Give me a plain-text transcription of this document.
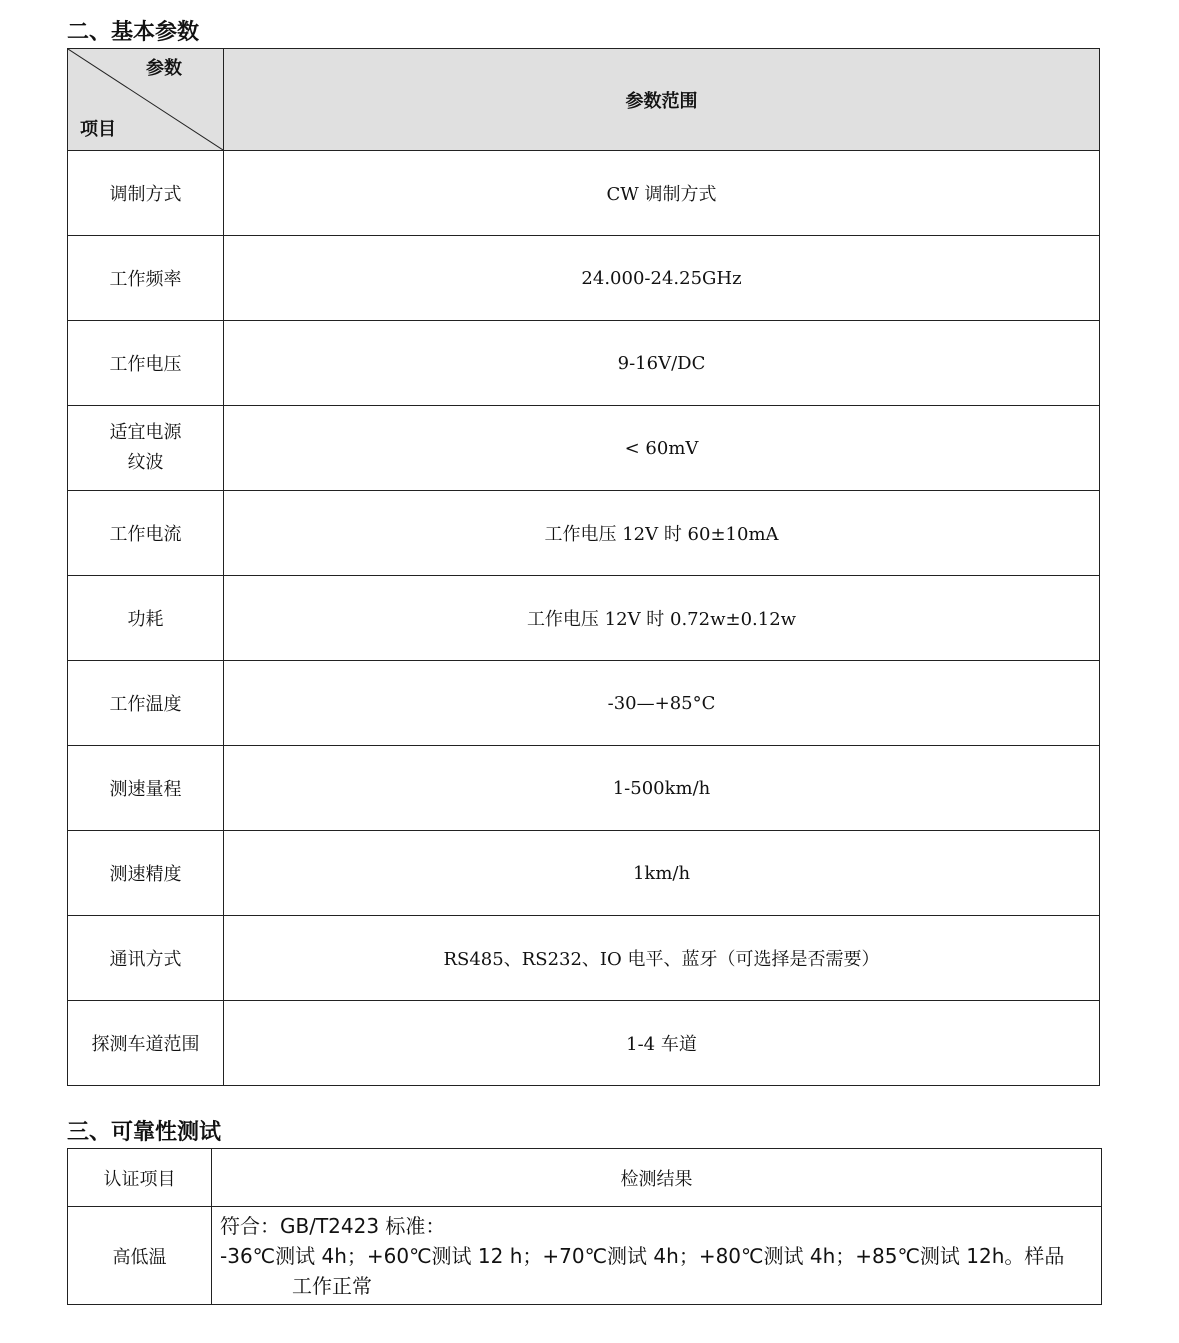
二、基本参数
参数
项目	参数范围
调制方式	CW 调制方式
工作频率	24.000-24.25GHz
工作电压	9-16V/DC
适宜电源
纹波	< 60mV
工作电流	工作电压 12V 时 60±10mA
功耗	工作电压 12V 时 0.72w±0.12w
工作温度	-30—+85°C
测速量程	1-500km/h
测速精度	1km/h
通讯方式	RS485、RS232、IO 电平、蓝牙（可选择是否需要）
探测车道范围	1-4 车道
三、可靠性测试
认证项目	检测结果
高低温	符合：GB/T2423 标准：
-36℃测试 4h；+60℃测试 12 h；+70℃测试 4h；+80℃测试 4h；+85℃测试 12h。样品
工作正常
